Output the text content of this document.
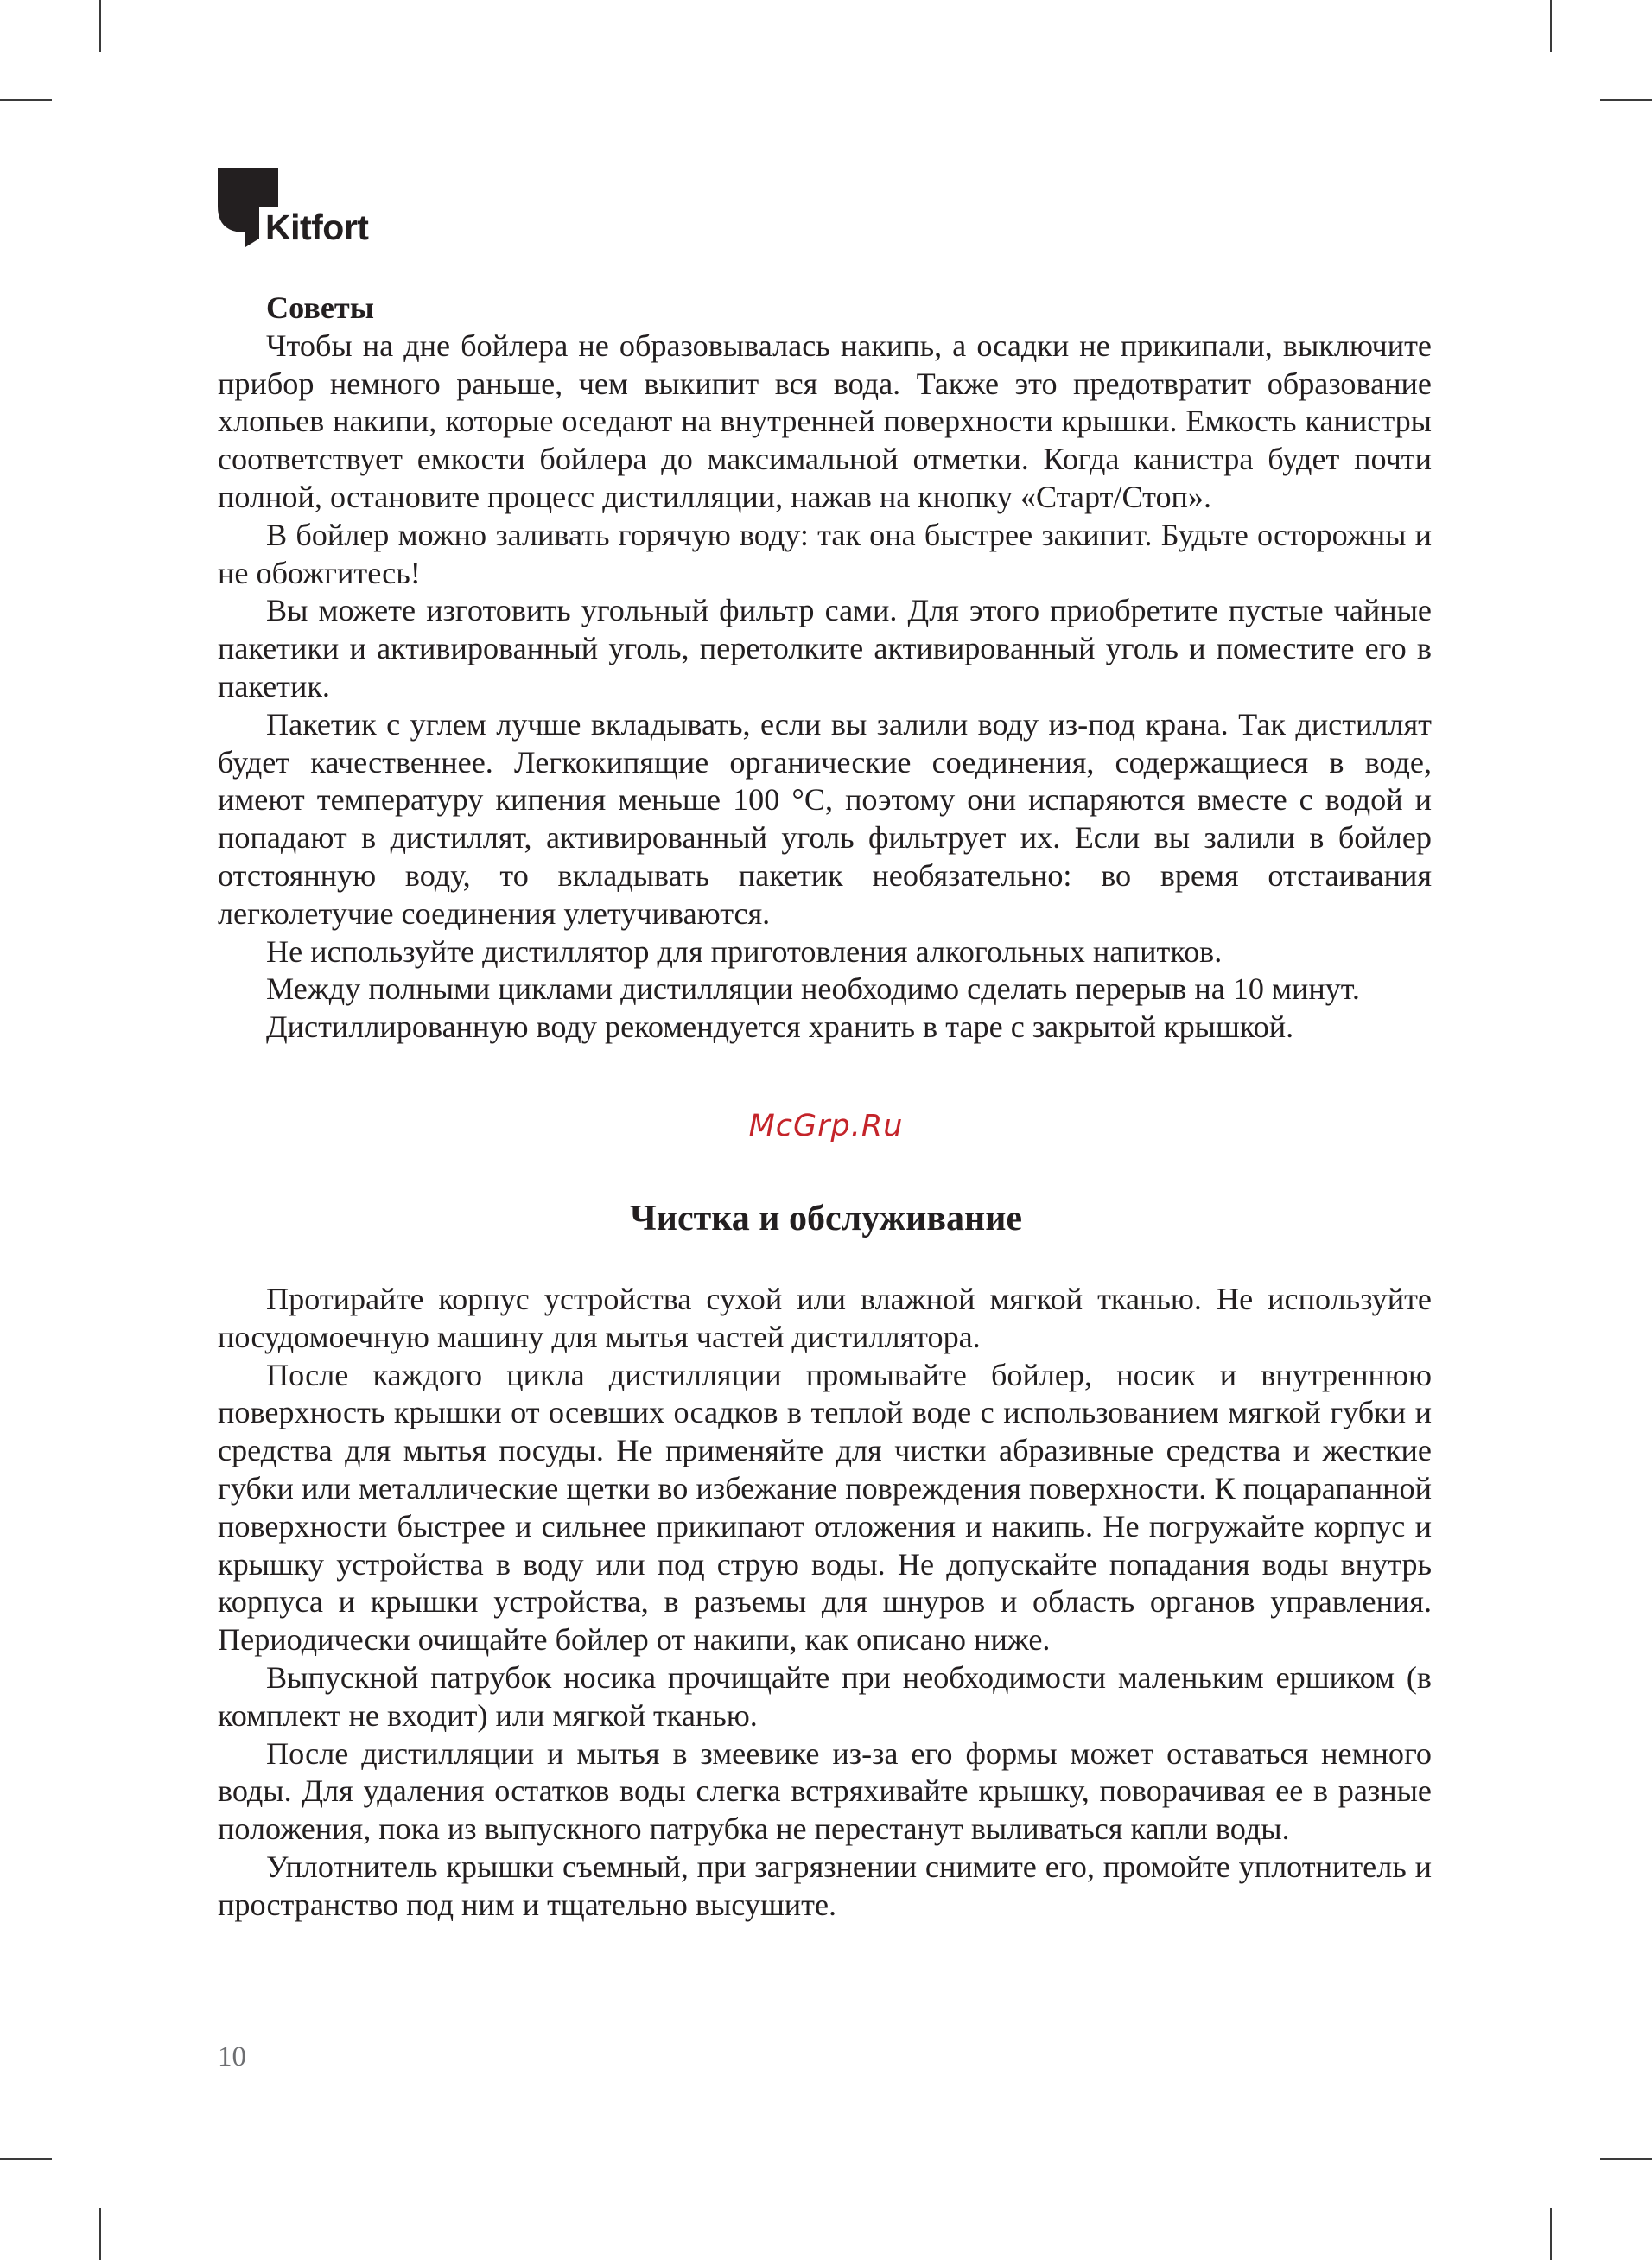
Kitfort
Советы

Чтобы на дне бойлера не образовывалась накипь, а осадки не прикипали, выключите прибор немного раньше, чем выкипит вся вода. Также это предотвратит образование хлопьев накипи, которые оседают на внутренней поверхности крышки. Емкость канистры соответствует емкости бойлера до максимальной отметки. Когда канистра будет почти полной, остановите процесс дистилляции, нажав на кнопку «Старт/Стоп».

В бойлер можно заливать горячую воду: так она быстрее закипит. Будьте осторожны и не обожгитесь!

Вы можете изготовить угольный фильтр сами. Для этого приобретите пустые чайные пакетики и активированный уголь, перетолките активированный уголь и поместите его в пакетик.

Пакетик с углем лучше вкладывать, если вы залили воду из-под крана. Так дистиллят будет качественнее. Легкокипящие органические соединения, содержащиеся в воде, имеют температуру кипения меньше 100 °C, поэтому они испаряются вместе с водой и попадают в дистиллят, активированный уголь фильтрует их. Если вы залили в бойлер отстоянную воду, то вкладывать пакетик необязательно: во время отстаивания легколетучие соединения улетучиваются.

Не используйте дистиллятор для приготовления алкогольных напитков.

Между полными циклами дистилляции необходимо сделать перерыв на 10 минут.

Дистиллированную воду рекомендуется хранить в таре с закрытой крышкой.

McGrp.Ru
Чистка и обслуживание

Протирайте корпус устройства сухой или влажной мягкой тканью. Не используйте посудомоечную машину для мытья частей дистиллятора.

После каждого цикла дистилляции промывайте бойлер, носик и внутреннюю поверхность крышки от осевших осадков в теплой воде с использованием мягкой губки и средства для мытья посуды. Не применяйте для чистки абразивные средства и жесткие губки или металлические щетки во избежание повреждения поверхности. К поцарапанной поверхности быстрее и сильнее прикипают отложения и накипь. Не погружайте корпус и крышку устройства в воду или под струю воды. Не допускайте попадания воды внутрь корпуса и крышки устройства, в разъемы для шнуров и область органов управления. Периодически очищайте бойлер от накипи, как описано ниже.

Выпускной патрубок носика прочищайте при необходимости маленьким ершиком (в комплект не входит) или мягкой тканью.

После дистилляции и мытья в змеевике из-за его формы может оставаться немного воды. Для удаления остатков воды слегка встряхивайте крышку, поворачивая ее в разные положения, пока из выпускного патрубка не перестанут выливаться капли воды.

Уплотнитель крышки съемный, при загрязнении снимите его, промойте уплотнитель и пространство под ним и тщательно высушите.

10
